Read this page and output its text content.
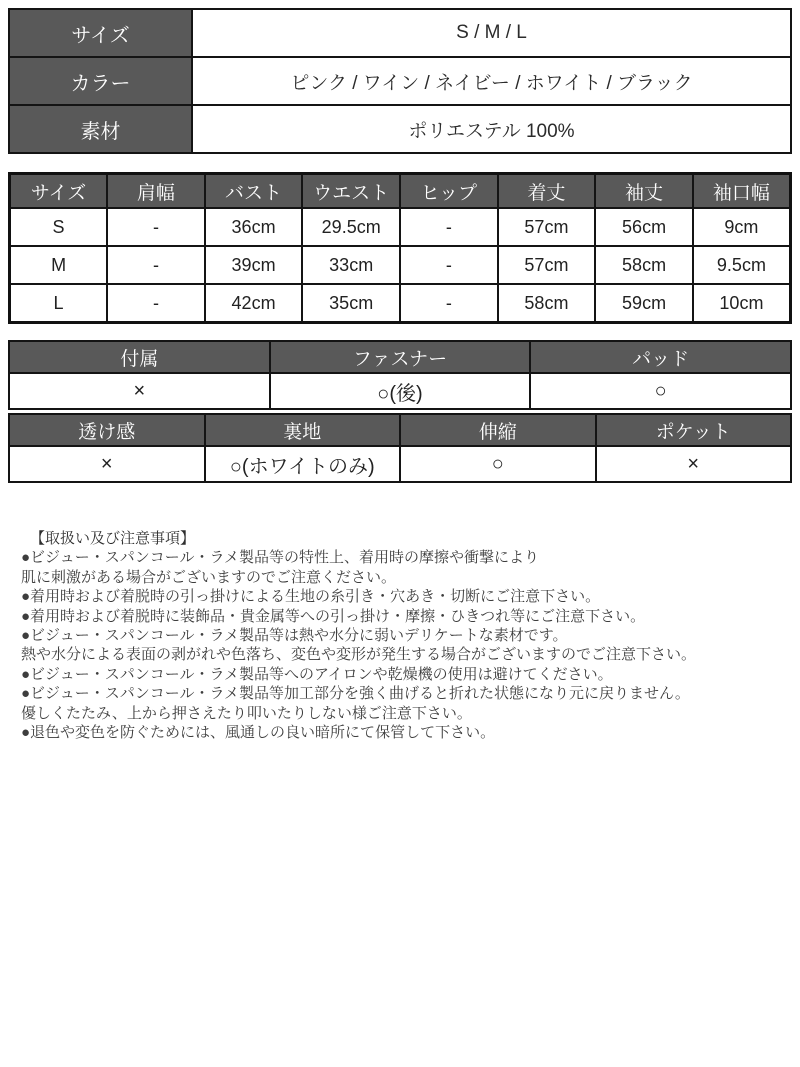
サイズ	S / M / L
カラー	ピンク / ワイン / ネイビー / ホワイト / ブラック
素材	ポリエステル 100%
サイズ	肩幅	バスト	ウエスト	ヒップ	着丈	袖丈	袖口幅
S	-	36cm	29.5cm	-	57cm	56cm	9cm
M	-	39cm	33cm	-	57cm	58cm	9.5cm
L	-	42cm	35cm	-	58cm	59cm	10cm
付属	ファスナー	パッド
×	○(後)	○
透け感	裏地	伸縮	ポケット
×	○(ホワイトのみ)	○	×
【取扱い及び注意事項】
●ビジュー・スパンコール・ラメ製品等の特性上、着用時の摩擦や衝撃により
肌に刺激がある場合がございますのでご注意ください。
●着用時および着脱時の引っ掛けによる生地の糸引き・穴あき・切断にご注意下さい。
●着用時および着脱時に装飾品・貴金属等への引っ掛け・摩擦・ひきつれ等にご注意下さい。
●ビジュー・スパンコール・ラメ製品等は熱や水分に弱いデリケートな素材です。
熱や水分による表面の剥がれや色落ち、変色や変形が発生する場合がございますのでご注意下さい。
●ビジュー・スパンコール・ラメ製品等へのアイロンや乾燥機の使用は避けてください。
●ビジュー・スパンコール・ラメ製品等加工部分を強く曲げると折れた状態になり元に戻りません。
優しくたたみ、上から押さえたり叩いたりしない様ご注意下さい。
●退色や変色を防ぐためには、風通しの良い暗所にて保管して下さい。
